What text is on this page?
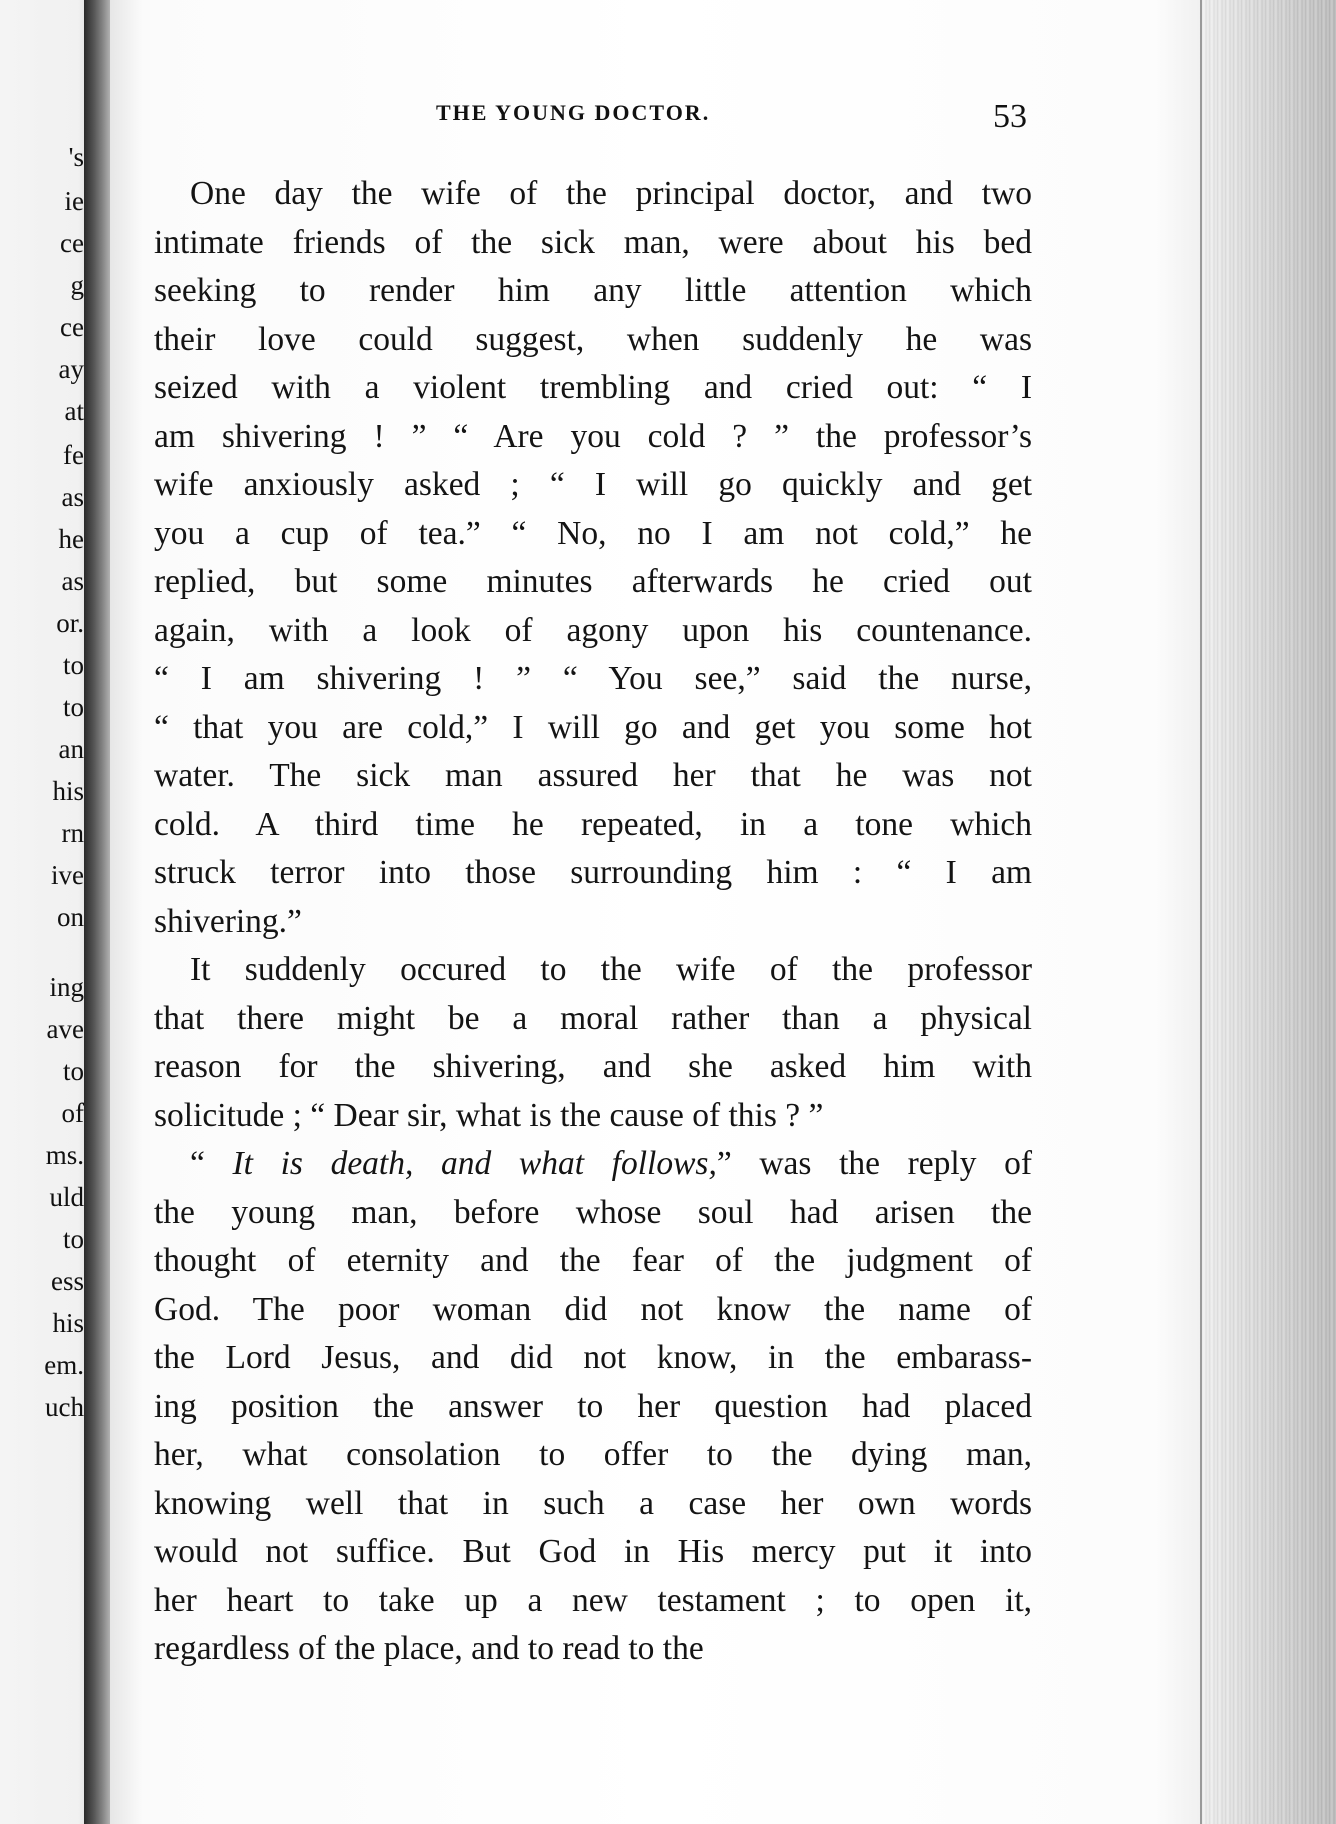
's
ie
ce
g
ce
ay
at
fe
as
he
as
or.
to
to
an
his
rn
ive
on
ing
ave
to
of
ms.
uld
to
ess
his
em.
uch
THE YOUNG DOCTOR.	53

One day the wife of the principal doctor, and two
intimate friends of the sick man, were about his bed
seeking to render him any little attention which
their love could suggest, when suddenly he was
seized with a violent trembling and cried out: “ I
am shivering ! ” “ Are you cold ? ” the professor’s
wife anxiously asked ; “ I will go quickly and get
you a cup of tea.” “ No, no I am not cold,” he
replied, but some minutes afterwards he cried out
again, with a look of agony upon his countenance.
“ I am shivering ! ” “ You see,” said the nurse,
“ that you are cold,” I will go and get you some hot
water. The sick man assured her that he was not
cold. A third time he repeated, in a tone which
struck terror into those surrounding him : “ I am
shivering.”

It suddenly occured to the wife of the professor
that there might be a moral rather than a physical
reason for the shivering, and she asked him with
solicitude ; “ Dear sir, what is the cause of this ? ”

“ It is death, and what follows,” was the reply of
the young man, before whose soul had arisen the
thought of eternity and the fear of the judgment of
God. The poor woman did not know the name of
the Lord Jesus, and did not know, in the embarass-
ing position the answer to her question had placed
her, what consolation to offer to the dying man,
knowing well that in such a case her own words
would not suffice. But God in His mercy put it into
her heart to take up a new testament ; to open it,
regardless of the place, and to read to the
